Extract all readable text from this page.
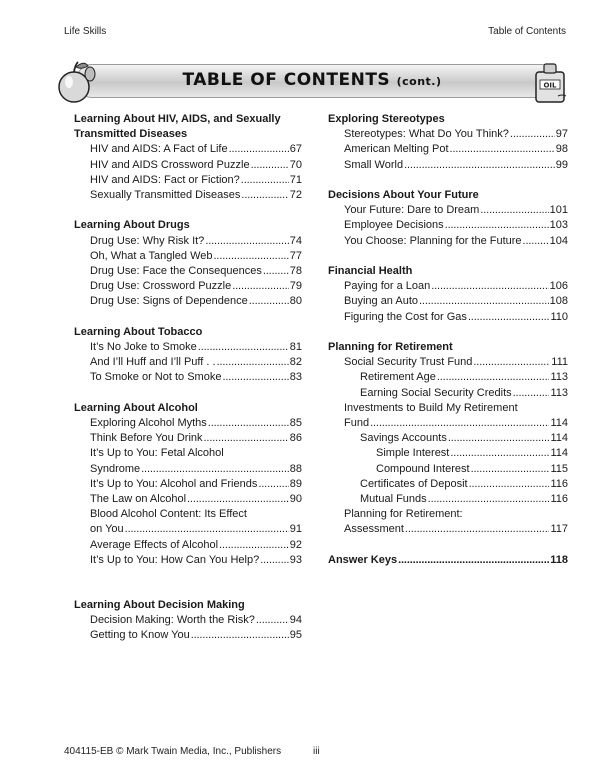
Life Skills	Table of Contents
TABLE OF CONTENTS (cont.)	OIL
Learning About HIV, AIDS, and Sexually
Transmitted Diseases
HIV and AIDS: A Fact of Life . . .	67
HIV and AIDS Crossword Puzzle . . .	70
HIV and AIDS: Fact or Fiction? . . .	71
Sexually Transmitted Diseases . . .	72
Learning About Drugs
Drug Use: Why Risk It? . . .	74
Oh, What a Tangled Web . . .	77
Drug Use: Face the Consequences . . .	78
Drug Use: Crossword Puzzle . . .	79
Drug Use: Signs of Dependence . . .	80
Learning About Tobacco
It’s No Joke to Smoke . . .	81
And I’ll Huff and I’ll Puff . . . . .	82
To Smoke or Not to Smoke . . .	83
Learning About Alcohol
Exploring Alcohol Myths . . .	85
Think Before You Drink . . .	86
It’s Up to You: Fetal Alcohol
Syndrome . . .	88
It’s Up to You: Alcohol and Friends . . .	89
The Law on Alcohol . . .	90
Blood Alcohol Content: Its Effect
on You . . .	91
Average Effects of Alcohol . . .	92
It’s Up to You: How Can You Help? . . .	93
Learning About Decision Making
Decision Making: Worth the Risk? . . .	94
Getting to Know You . . .	95
Exploring Stereotypes
Stereotypes: What Do You Think? . . .	97
American Melting Pot . . .	98
Small World . . .	99
Decisions About Your Future
Your Future: Dare to Dream . . .	101
Employee Decisions . . .	103
You Choose: Planning for the Future . . .	104
Financial Health
Paying for a Loan . . .	106
Buying an Auto . . .	108
Figuring the Cost for Gas . . .	110
Planning for Retirement
Social Security Trust Fund . . .	111
Retirement Age . . .	113
Earning Social Security Credits . . .	113
Investments to Build My Retirement
Fund . . .	114
Savings Accounts . . .	114
Simple Interest . . .	114
Compound Interest . . .	115
Certificates of Deposit . . .	116
Mutual Funds . . .	116
Planning for Retirement:
Assessment . . .	117
Answer Keys . . .	118
404115-EB © Mark Twain Media, Inc., Publishers	iii
